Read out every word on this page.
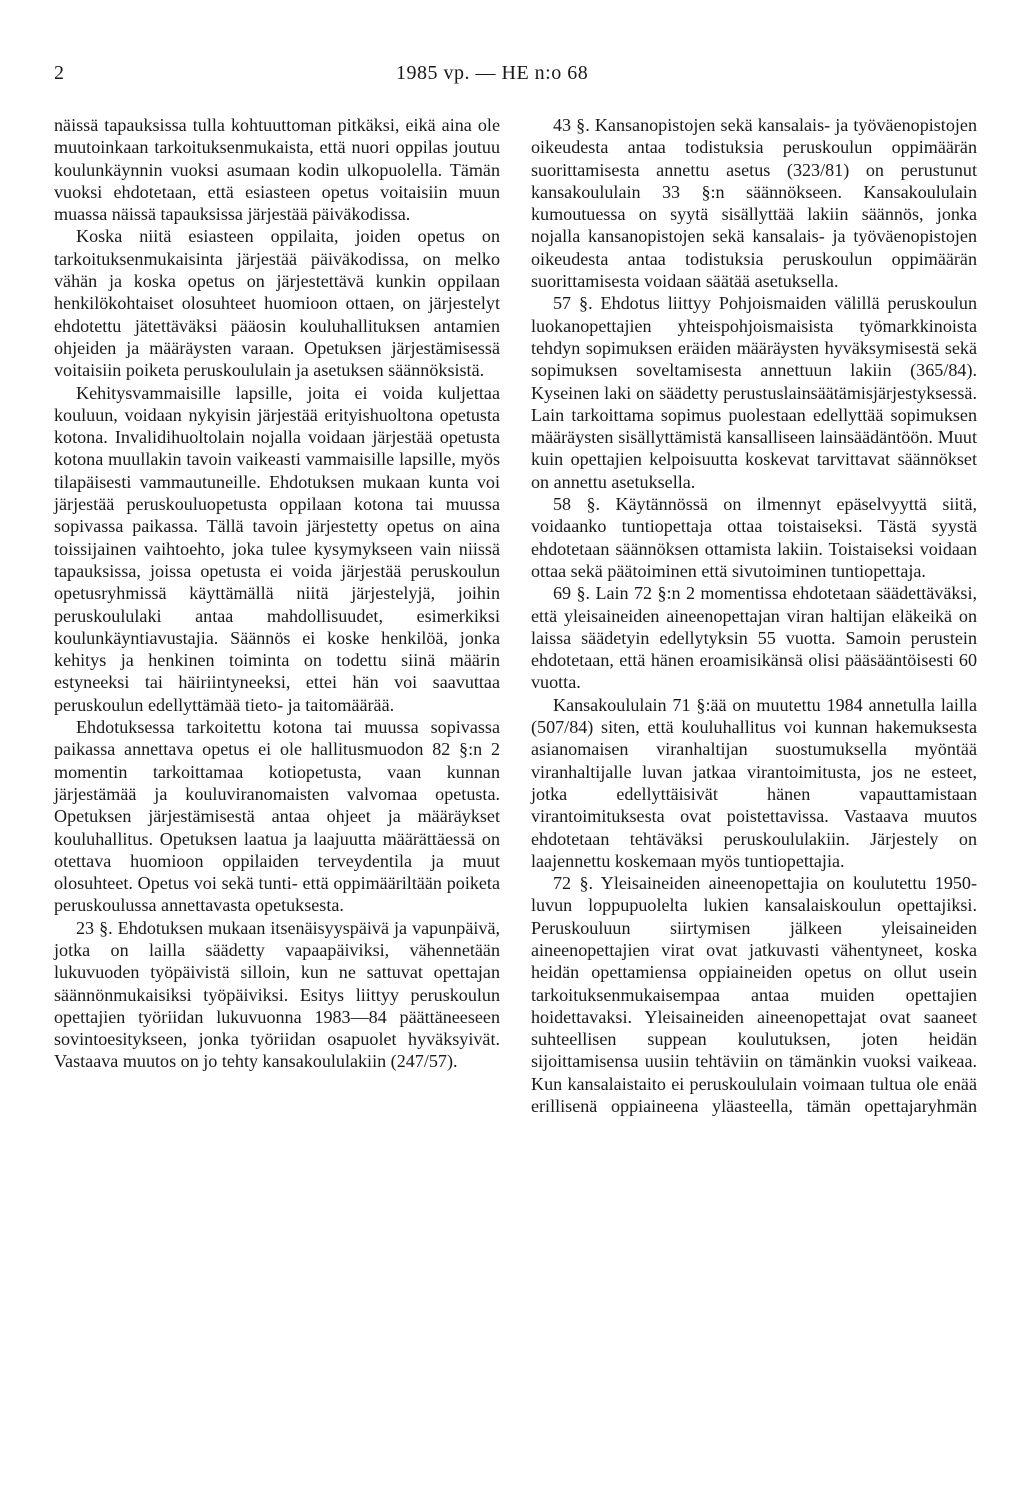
2	1985 vp. — HE n:o 68

näissä tapauksissa tulla kohtuuttoman pitkäksi, eikä aina ole muutoinkaan tarkoituksenmukaista, että nuori oppilas joutuu koulunkäynnin vuoksi asumaan kodin ulkopuolella. Tämän vuoksi ehdotetaan, että esiasteen opetus voitaisiin muun muassa näissä tapauksissa järjestää päiväkodissa.

Koska niitä esiasteen oppilaita, joiden opetus on tarkoituksenmukaisinta järjestää päiväkodissa, on melko vähän ja koska opetus on järjestettävä kunkin oppilaan henkilökohtaiset olosuhteet huomioon ottaen, on järjestelyt ehdotettu jätettäväksi pääosin kouluhallituksen antamien ohjeiden ja määräysten varaan. Opetuksen järjestämisessä voitaisiin poiketa peruskoululain ja asetuksen säännöksistä.

Kehitysvammaisille lapsille, joita ei voida kuljettaa kouluun, voidaan nykyisin järjestää erityishuoltona opetusta kotona. Invalidihuoltolain nojalla voidaan järjestää opetusta kotona muullakin tavoin vaikeasti vammaisille lapsille, myös tilapäisesti vammautuneille. Ehdotuksen mukaan kunta voi järjestää peruskouluopetusta oppilaan kotona tai muussa sopivassa paikassa. Tällä tavoin järjestetty opetus on aina toissijainen vaihtoehto, joka tulee kysymykseen vain niissä tapauksissa, joissa opetusta ei voida järjestää peruskoulun opetusryhmissä käyttämällä niitä järjestelyjä, joihin peruskoululaki antaa mahdollisuudet, esimerkiksi koulunkäyntiavustajia. Säännös ei koske henkilöä, jonka kehitys ja henkinen toiminta on todettu siinä määrin estyneeksi tai häiriintyneeksi, ettei hän voi saavuttaa peruskoulun edellyttämää tieto- ja taitomäärää.

Ehdotuksessa tarkoitettu kotona tai muussa sopivassa paikassa annettava opetus ei ole hallitusmuodon 82 §:n 2 momentin tarkoittamaa kotiopetusta, vaan kunnan järjestämää ja kouluviranomaisten valvomaa opetusta. Opetuksen järjestämisestä antaa ohjeet ja määräykset kouluhallitus. Opetuksen laatua ja laajuutta määrättäessä on otettava huomioon oppilaiden terveydentila ja muut olosuhteet. Opetus voi sekä tunti- että oppimääriltään poiketa peruskoulussa annettavasta opetuksesta.

23 §. Ehdotuksen mukaan itsenäisyyspäivä ja vapunpäivä, jotka on lailla säädetty vapaapäiviksi, vähennetään lukuvuoden työpäivistä silloin, kun ne sattuvat opettajan säännönmukaisiksi työpäiviksi. Esitys liittyy peruskoulun opettajien työriidan lukuvuonna 1983—84 päättäneeseen sovintoesitykseen, jonka työriidan osapuolet hyväksyivät. Vastaava muutos on jo tehty kansakoululakiin (247/57).

43 §. Kansanopistojen sekä kansalais- ja työväenopistojen oikeudesta antaa todistuksia peruskoulun oppimäärän suorittamisesta annettu asetus (323/81) on perustunut kansakoululain 33 §:n säännökseen. Kansakoululain kumoutuessa on syytä sisällyttää lakiin säännös, jonka nojalla kansanopistojen sekä kansalais- ja työväenopistojen oikeudesta antaa todistuksia peruskoulun oppimäärän suorittamisesta voidaan säätää asetuksella.

57 §. Ehdotus liittyy Pohjoismaiden välillä peruskoulun luokanopettajien yhteispohjoismaisista työmarkkinoista tehdyn sopimuksen eräiden määräysten hyväksymisestä sekä sopimuksen soveltamisesta annettuun lakiin (365/84). Kyseinen laki on säädetty perustuslainsäätämisjärjestyksessä. Lain tarkoittama sopimus puolestaan edellyttää sopimuksen määräysten sisällyttämistä kansalliseen lainsäädäntöön. Muut kuin opettajien kelpoisuutta koskevat tarvittavat säännökset on annettu asetuksella.

58 §. Käytännössä on ilmennyt epäselvyyttä siitä, voidaanko tuntiopettaja ottaa toistaiseksi. Tästä syystä ehdotetaan säännöksen ottamista lakiin. Toistaiseksi voidaan ottaa sekä päätoiminen että sivutoiminen tuntiopettaja.

69 §. Lain 72 §:n 2 momentissa ehdotetaan säädettäväksi, että yleisaineiden aineenopettajan viran haltijan eläkeikä on laissa säädetyin edellytyksin 55 vuotta. Samoin perustein ehdotetaan, että hänen eroamisikänsä olisi pääsääntöisesti 60 vuotta.

Kansakoululain 71 §:ää on muutettu 1984 annetulla lailla (507/84) siten, että kouluhallitus voi kunnan hakemuksesta asianomaisen viranhaltijan suostumuksella myöntää viranhaltijalle luvan jatkaa virantoimitusta, jos ne esteet, jotka edellyttäisivät hänen vapauttamistaan virantoimituksesta ovat poistettavissa. Vastaava muutos ehdotetaan tehtäväksi peruskoululakiin. Järjestely on laajennettu koskemaan myös tuntiopettajia.

72 §. Yleisaineiden aineenopettajia on koulutettu 1950-luvun loppupuolelta lukien kansalaiskoulun opettajiksi. Peruskouluun siirtymisen jälkeen yleisaineiden aineenopettajien virat ovat jatkuvasti vähentyneet, koska heidän opettamiensa oppiaineiden opetus on ollut usein tarkoituksenmukaisempaa antaa muiden opettajien hoidettavaksi. Yleisaineiden aineenopettajat ovat saaneet suhteellisen suppean koulutuksen, joten heidän sijoittamisensa uusiin tehtäviin on tämänkin vuoksi vaikeaa. Kun kansalaistaito ei peruskoululain voimaan tultua ole enää erillisenä oppiaineena yläasteella, tämän opettajaryhmän
